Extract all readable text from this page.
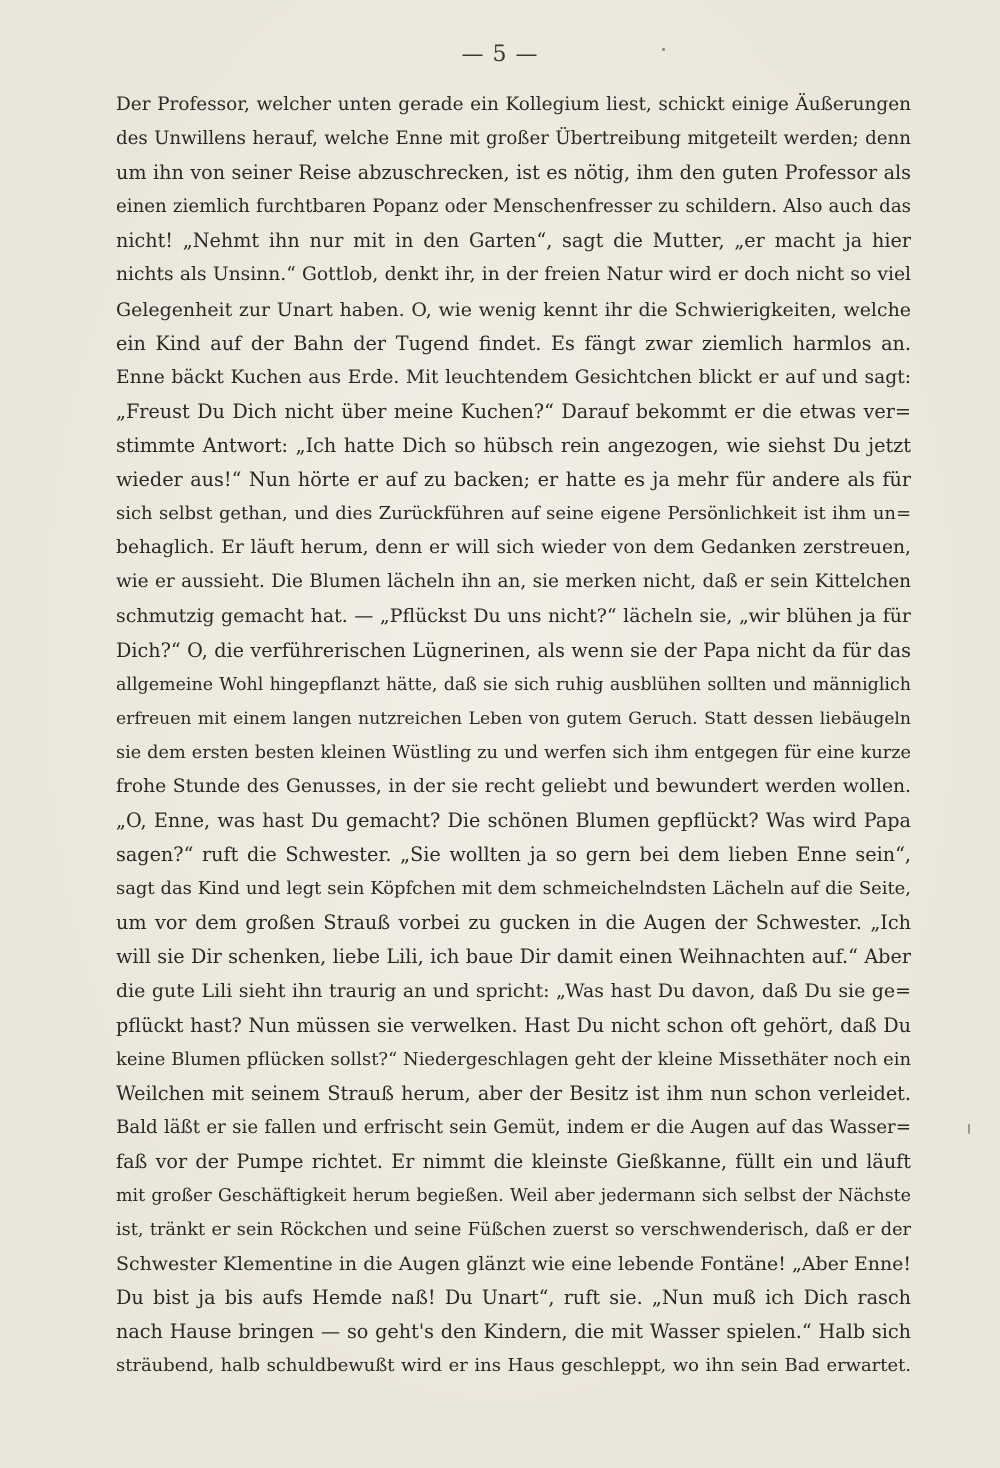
— 5 —
Der Professor, welcher unten gerade ein Kollegium liest, schickt einige Äußerungen
des Unwillens herauf, welche Enne mit großer Übertreibung mitgeteilt werden; denn
um ihn von seiner Reise abzuschrecken, ist es nötig, ihm den guten Professor als
einen ziemlich furchtbaren Popanz oder Menschenfresser zu schildern. Also auch das
nicht! „Nehmt ihn nur mit in den Garten“, sagt die Mutter, „er macht ja hier
nichts als Unsinn.“ Gottlob, denkt ihr, in der freien Natur wird er doch nicht so viel
Gelegenheit zur Unart haben. O, wie wenig kennt ihr die Schwierigkeiten, welche
ein Kind auf der Bahn der Tugend findet. Es fängt zwar ziemlich harmlos an.
Enne bäckt Kuchen aus Erde. Mit leuchtendem Gesichtchen blickt er auf und sagt:
„Freust Du Dich nicht über meine Kuchen?“ Darauf bekommt er die etwas ver=
stimmte Antwort: „Ich hatte Dich so hübsch rein angezogen, wie siehst Du jetzt
wieder aus!“ Nun hörte er auf zu backen; er hatte es ja mehr für andere als für
sich selbst gethan, und dies Zurückführen auf seine eigene Persönlichkeit ist ihm un=
behaglich. Er läuft herum, denn er will sich wieder von dem Gedanken zerstreuen,
wie er aussieht. Die Blumen lächeln ihn an, sie merken nicht, daß er sein Kittelchen
schmutzig gemacht hat. — „Pflückst Du uns nicht?“ lächeln sie, „wir blühen ja für
Dich?“ O, die verführerischen Lügnerinen, als wenn sie der Papa nicht da für das
allgemeine Wohl hingepflanzt hätte, daß sie sich ruhig ausblühen sollten und männiglich
erfreuen mit einem langen nutzreichen Leben von gutem Geruch. Statt dessen liebäugeln
sie dem ersten besten kleinen Wüstling zu und werfen sich ihm entgegen für eine kurze
frohe Stunde des Genusses, in der sie recht geliebt und bewundert werden wollen.
„O, Enne, was hast Du gemacht? Die schönen Blumen gepflückt? Was wird Papa
sagen?“ ruft die Schwester. „Sie wollten ja so gern bei dem lieben Enne sein“,
sagt das Kind und legt sein Köpfchen mit dem schmeichelndsten Lächeln auf die Seite,
um vor dem großen Strauß vorbei zu gucken in die Augen der Schwester. „Ich
will sie Dir schenken, liebe Lili, ich baue Dir damit einen Weihnachten auf.“ Aber
die gute Lili sieht ihn traurig an und spricht: „Was hast Du davon, daß Du sie ge=
pflückt hast? Nun müssen sie verwelken. Hast Du nicht schon oft gehört, daß Du
keine Blumen pflücken sollst?“ Niedergeschlagen geht der kleine Missethäter noch ein
Weilchen mit seinem Strauß herum, aber der Besitz ist ihm nun schon verleidet.
Bald läßt er sie fallen und erfrischt sein Gemüt, indem er die Augen auf das Wasser=
faß vor der Pumpe richtet. Er nimmt die kleinste Gießkanne, füllt ein und läuft
mit großer Geschäftigkeit herum begießen. Weil aber jedermann sich selbst der Nächste
ist, tränkt er sein Röckchen und seine Füßchen zuerst so verschwenderisch, daß er der
Schwester Klementine in die Augen glänzt wie eine lebende Fontäne! „Aber Enne!
Du bist ja bis aufs Hemde naß! Du Unart“, ruft sie. „Nun muß ich Dich rasch
nach Hause bringen — so geht's den Kindern, die mit Wasser spielen.“ Halb sich
sträubend, halb schuldbewußt wird er ins Haus geschleppt, wo ihn sein Bad erwartet.
